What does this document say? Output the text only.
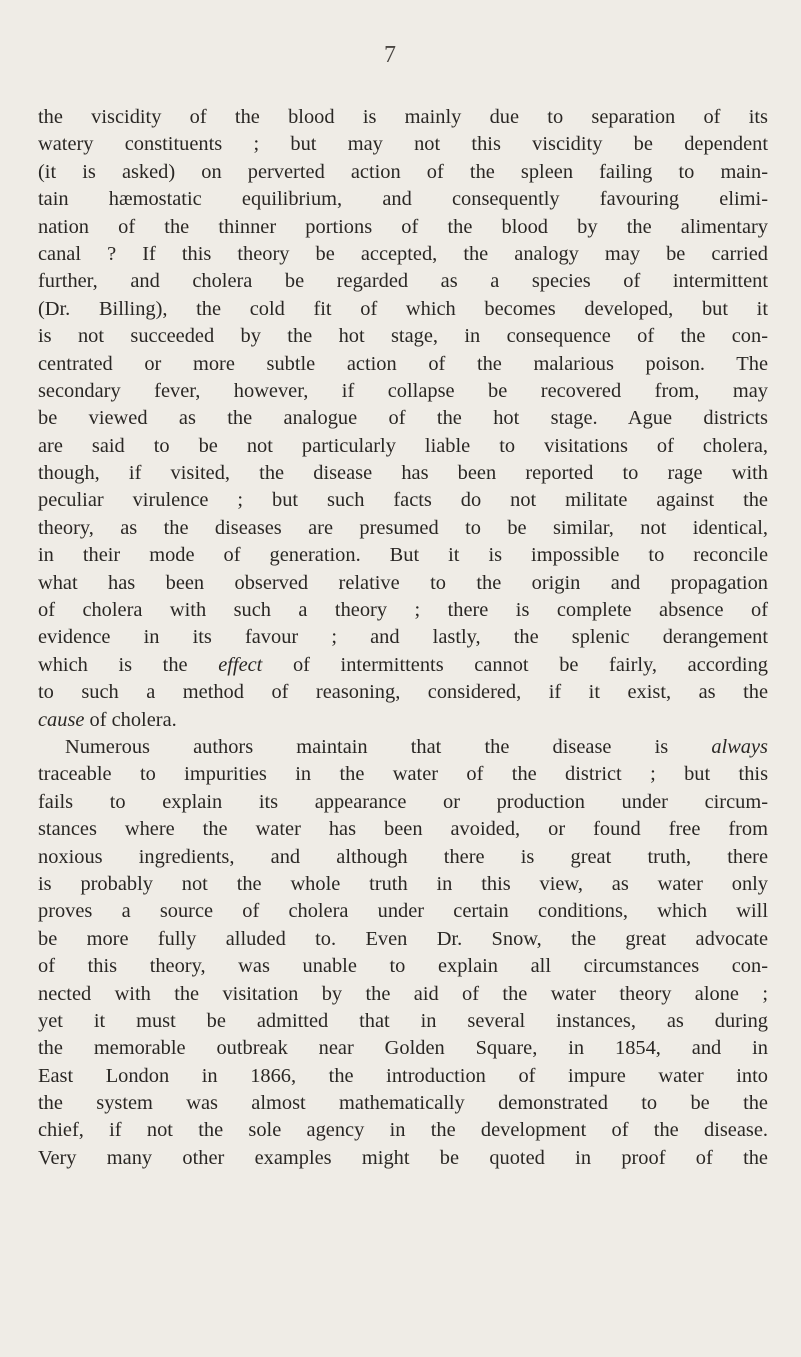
7
the viscidity of the blood is mainly due to separation of its
watery constituents ; but may not this viscidity be dependent
(it is asked) on perverted action of the spleen failing to main-
tain hæmostatic equilibrium, and consequently favouring elimi-
nation of the thinner portions of the blood by the alimentary
canal ? If this theory be accepted, the analogy may be carried
further, and cholera be regarded as a species of intermittent
(Dr. Billing), the cold fit of which becomes developed, but it
is not succeeded by the hot stage, in consequence of the con-
centrated or more subtle action of the malarious poison. The
secondary fever, however, if collapse be recovered from, may
be viewed as the analogue of the hot stage. Ague districts
are said to be not particularly liable to visitations of cholera,
though, if visited, the disease has been reported to rage with
peculiar virulence ; but such facts do not militate against the
theory, as the diseases are presumed to be similar, not identical,
in their mode of generation. But it is impossible to reconcile
what has been observed relative to the origin and propagation
of cholera with such a theory ; there is complete absence of
evidence in its favour ; and lastly, the splenic derangement
which is the effect of intermittents cannot be fairly, according
to such a method of reasoning, considered, if it exist, as the
cause of cholera.
Numerous authors maintain that the disease is always
traceable to impurities in the water of the district ; but this
fails to explain its appearance or production under circum-
stances where the water has been avoided, or found free from
noxious ingredients, and although there is great truth, there
is probably not the whole truth in this view, as water only
proves a source of cholera under certain conditions, which will
be more fully alluded to. Even Dr. Snow, the great advocate
of this theory, was unable to explain all circumstances con-
nected with the visitation by the aid of the water theory alone ;
yet it must be admitted that in several instances, as during
the memorable outbreak near Golden Square, in 1854, and in
East London in 1866, the introduction of impure water into
the system was almost mathematically demonstrated to be the
chief, if not the sole agency in the development of the disease.
Very many other examples might be quoted in proof of the
